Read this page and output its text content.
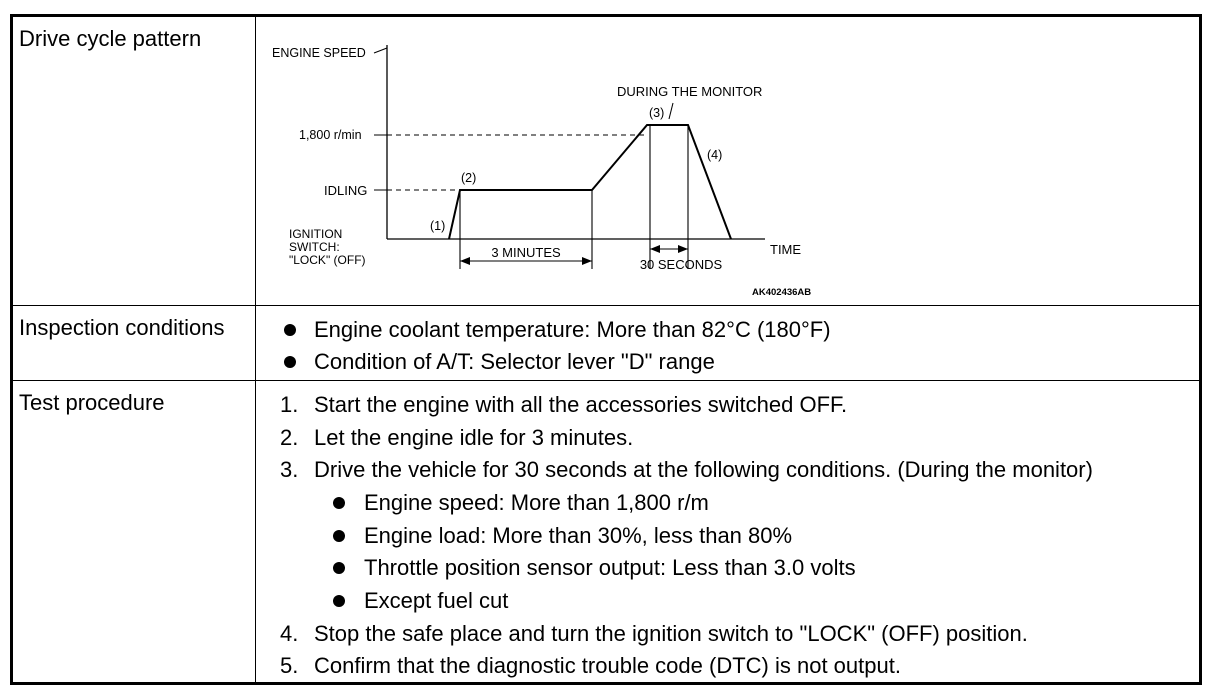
Drive cycle pattern
ENGINE SPEED
TIME
1,800 r/min
IDLING
IGNITION
SWITCH:
"LOCK" (OFF)	3 MINUTES
30 SECONDS
(1)
(2)
(3)
(4)
DURING THE MONITOR
AK402436AB
Inspection conditions	Engine coolant temperature: More than 82°C (180°F)
Condition of A/T: Selector lever "D" range
Test procedure	1. Start the engine with all the accessories switched OFF.
2. Let the engine idle for 3 minutes.
3. Drive the vehicle for 30 seconds at the following conditions. (During the monitor)
Engine speed: More than 1,800 r/m
Engine load: More than 30%, less than 80%
Throttle position sensor output: Less than 3.0 volts
Except fuel cut
4. Stop the safe place and turn the ignition switch to "LOCK" (OFF) position.
5. Confirm that the diagnostic trouble code (DTC) is not output.
